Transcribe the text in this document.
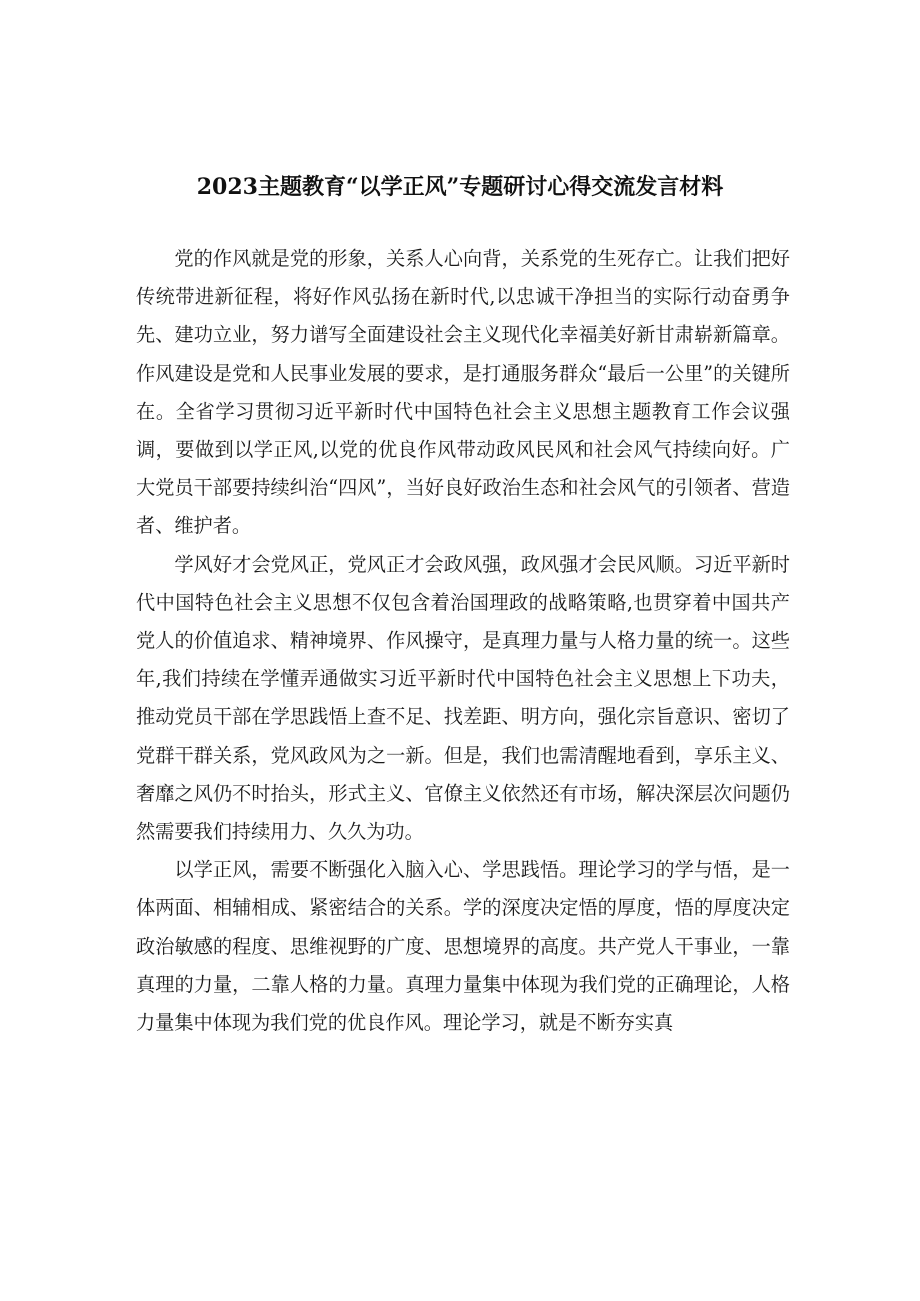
2023主题教育“以学正风”专题研讨心得交流发言材料

党的作风就是党的形象，关系人心向背，关系党的生死存亡。让我们把好传统带进新征程，将好作风弘扬在新时代,以忠诚干净担当的实际行动奋勇争先、建功立业，努力谱写全面建设社会主义现代化幸福美好新甘肃崭新篇章。作风建设是党和人民事业发展的要求，是打通服务群众“最后一公里”的关键所在。全省学习贯彻习近平新时代中国特色社会主义思想主题教育工作会议强调，要做到以学正风,以党的优良作风带动政风民风和社会风气持续向好。广大党员干部要持续纠治“四风”，当好良好政治生态和社会风气的引领者、营造者、维护者。

学风好才会党风正，党风正才会政风强，政风强才会民风顺。习近平新时代中国特色社会主义思想不仅包含着治国理政的战略策略,也贯穿着中国共产党人的价值追求、精神境界、作风操守，是真理力量与人格力量的统一。这些年,我们持续在学懂弄通做实习近平新时代中国特色社会主义思想上下功夫，推动党员干部在学思践悟上查不足、找差距、明方向，强化宗旨意识、密切了党群干群关系，党风政风为之一新。但是，我们也需清醒地看到，享乐主义、奢靡之风仍不时抬头，形式主义、官僚主义依然还有市场，解决深层次问题仍然需要我们持续用力、久久为功。

以学正风，需要不断强化入脑入心、学思践悟。理论学习的学与悟，是一体两面、相辅相成、紧密结合的关系。学的深度决定悟的厚度，悟的厚度决定政治敏感的程度、思维视野的广度、思想境界的高度。共产党人干事业，一靠真理的力量，二靠人格的力量。真理力量集中体现为我们党的正确理论，人格力量集中体现为我们党的优良作风。理论学习，就是不断夯实真
